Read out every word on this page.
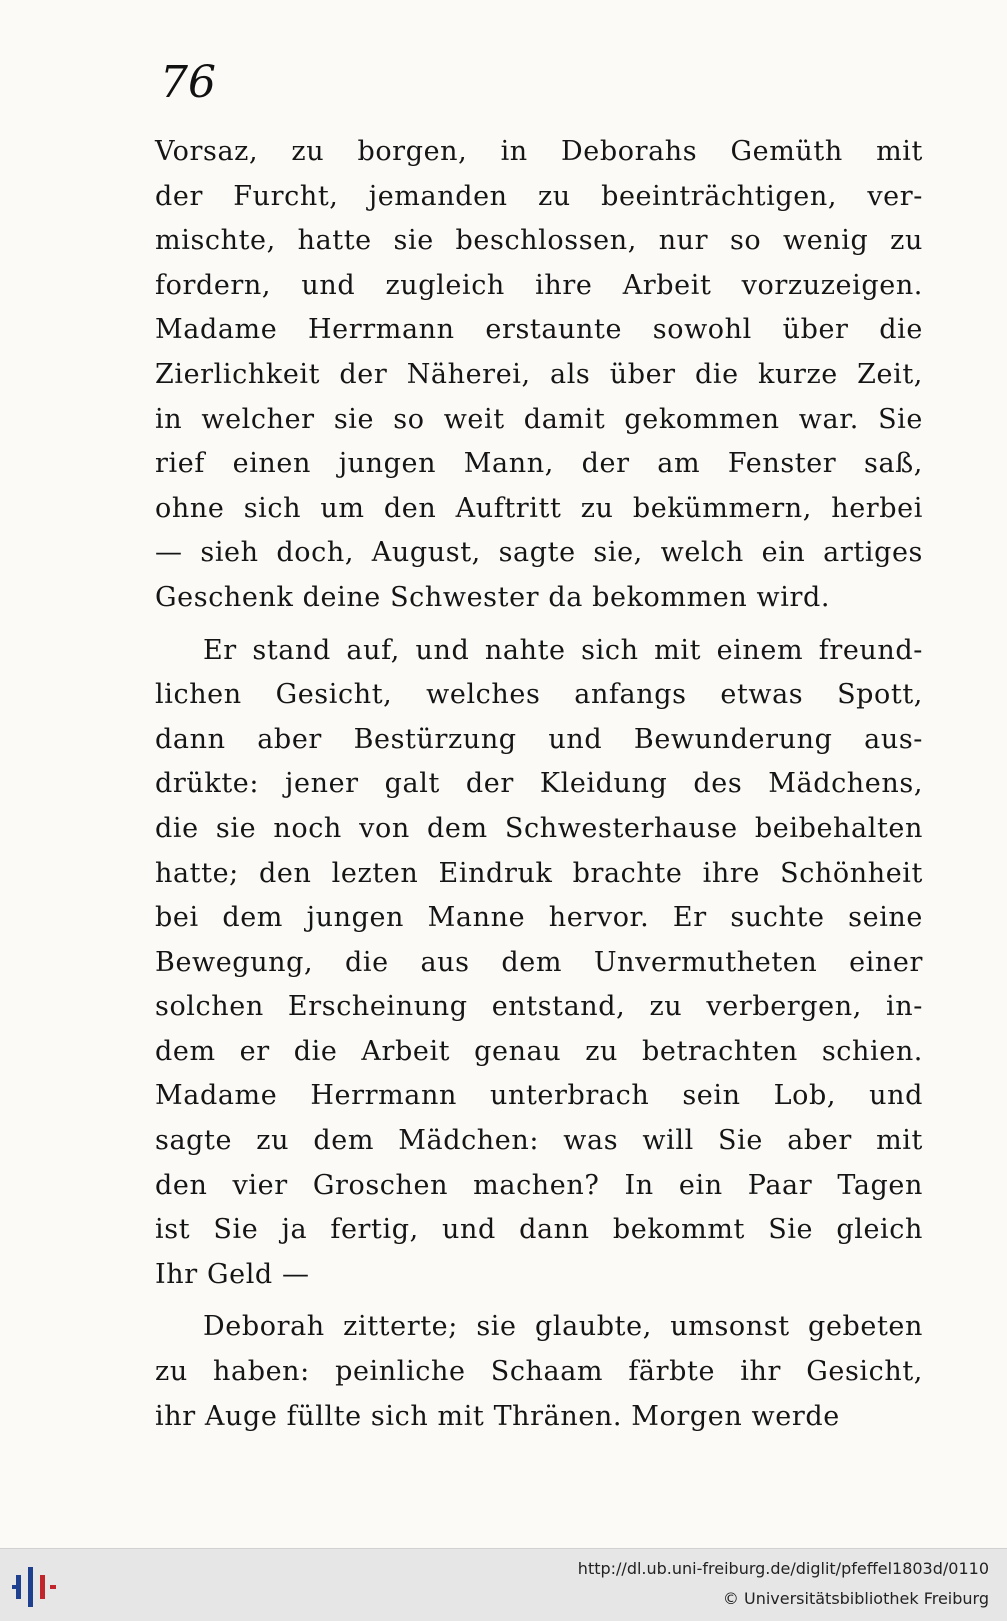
76
Vorsaz, zu borgen, in Deborahs Gemüth mit
der Furcht, jemanden zu beeinträchtigen, ver-
mischte, hatte sie beschlossen, nur so wenig zu
fordern, und zugleich ihre Arbeit vorzuzeigen.
Madame Herrmann erstaunte sowohl über die
Zierlichkeit der Näherei, als über die kurze Zeit,
in welcher sie so weit damit gekommen war. Sie
rief einen jungen Mann, der am Fenster saß,
ohne sich um den Auftritt zu bekümmern, herbei
— sieh doch, August, sagte sie, welch ein artiges
Geschenk deine Schwester da bekommen wird.
Er stand auf, und nahte sich mit einem freund-
lichen Gesicht, welches anfangs etwas Spott,
dann aber Bestürzung und Bewunderung aus-
drükte: jener galt der Kleidung des Mädchens,
die sie noch von dem Schwesterhause beibehalten
hatte; den lezten Eindruk brachte ihre Schönheit
bei dem jungen Manne hervor. Er suchte seine
Bewegung, die aus dem Unvermutheten einer
solchen Erscheinung entstand, zu verbergen, in-
dem er die Arbeit genau zu betrachten schien.
Madame Herrmann unterbrach sein Lob, und
sagte zu dem Mädchen: was will Sie aber mit
den vier Groschen machen? In ein Paar Tagen
ist Sie ja fertig, und dann bekommt Sie gleich
Ihr Geld —
Deborah zitterte; sie glaubte, umsonst gebeten
zu haben: peinliche Schaam färbte ihr Gesicht,
ihr Auge füllte sich mit Thränen. Morgen werde
http://dl.ub.uni-freiburg.de/diglit/pfeffel1803d/0110
© Universitätsbibliothek Freiburg
